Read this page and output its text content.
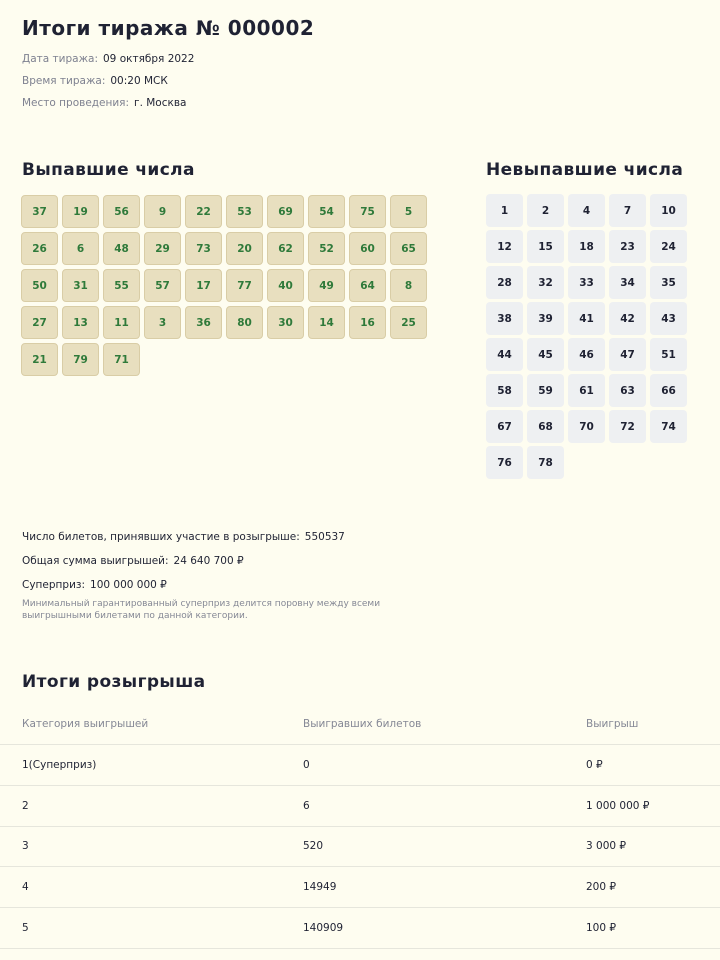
Итоги тиража № 000002
Дата тиража: 09 октября 2022
Время тиража: 00:20 МСК
Место проведения: г. Москва
Выпавшие числа
37	19	56	9	22	53	69	54	75	5
26	6	48	29	73	20	62	52	60	65
50	31	55	57	17	77	40	49	64	8
27	13	11	3	36	80	30	14	16	25
21	79	71
Невыпавшие числа
1	2	4	7	10
12	15	18	23	24
28	32	33	34	35
38	39	41	42	43
44	45	46	47	51
58	59	61	63	66
67	68	70	72	74
76	78
Число билетов, принявших участие в розыгрыше: 550537
Общая сумма выигрышей: 24 640 700 ₽
Суперприз: 100 000 000 ₽
Минимальный гарантированный суперприз делится поровну между всеми выигрышными билетами по данной категории.
Итоги розыгрыша
Категория выигрышей	Выигравших билетов	Выигрыш
1(Суперприз)	0	0 ₽
2	6	1 000 000 ₽
3	520	3 000 ₽
4	14949	200 ₽
5	140909	100 ₽
